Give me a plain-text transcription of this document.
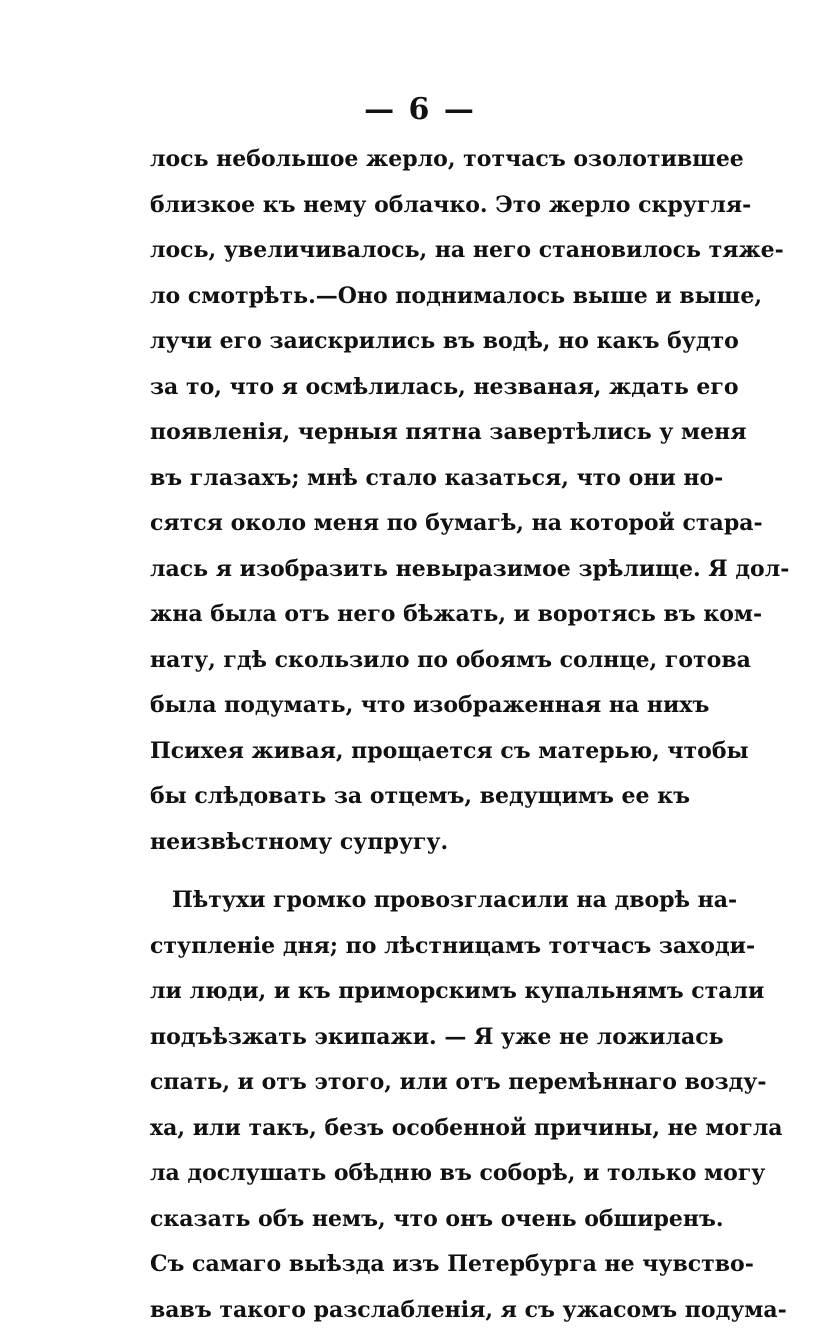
— 6 —
лось небольшое жерло, тотчасъ озолотившее
близкое къ нему облачко. Это жерло скругля-
лось, увеличивалось, на него становилось тяже-
ло смотрѣть.—Оно поднималось выше и выше,
лучи его заискрились въ водѣ, но какъ будто
за то, что я осмѣлилась, незваная, ждать его
появленія, черныя пятна завертѣлись у меня
въ глазахъ; мнѣ стало казаться, что они но-
сятся около меня по бумагѣ, на которой стара-
лась я изобразить невыразимое зрѣлище. Я дол-
жна была отъ него бѣжать, и воротясь въ ком-
нату, гдѣ скользило по обоямъ солнце, готова
была подумать, что изображенная на нихъ
Психея живая, прощается съ матерью, чтобы
бы слѣдовать за отцемъ, ведущимъ ее къ
неизвѣстному супругу.
Пѣтухи громко провозгласили на дворѣ на-
ступленіе дня; по лѣстницамъ тотчасъ заходи-
ли люди, и къ приморскимъ купальнямъ стали
подъѣзжать экипажи. — Я уже не ложилась
спать, и отъ этого, или отъ перемѣннаго возду-
ха, или такъ, безъ особенной причины, не могла
ла дослушать обѣдню въ соборѣ, и только могу
сказать объ немъ, что онъ очень обширенъ.
Съ самаго выѣзда изъ Петербурга не чувство-
вавъ такого разслабленія, я съ ужасомъ подума-
